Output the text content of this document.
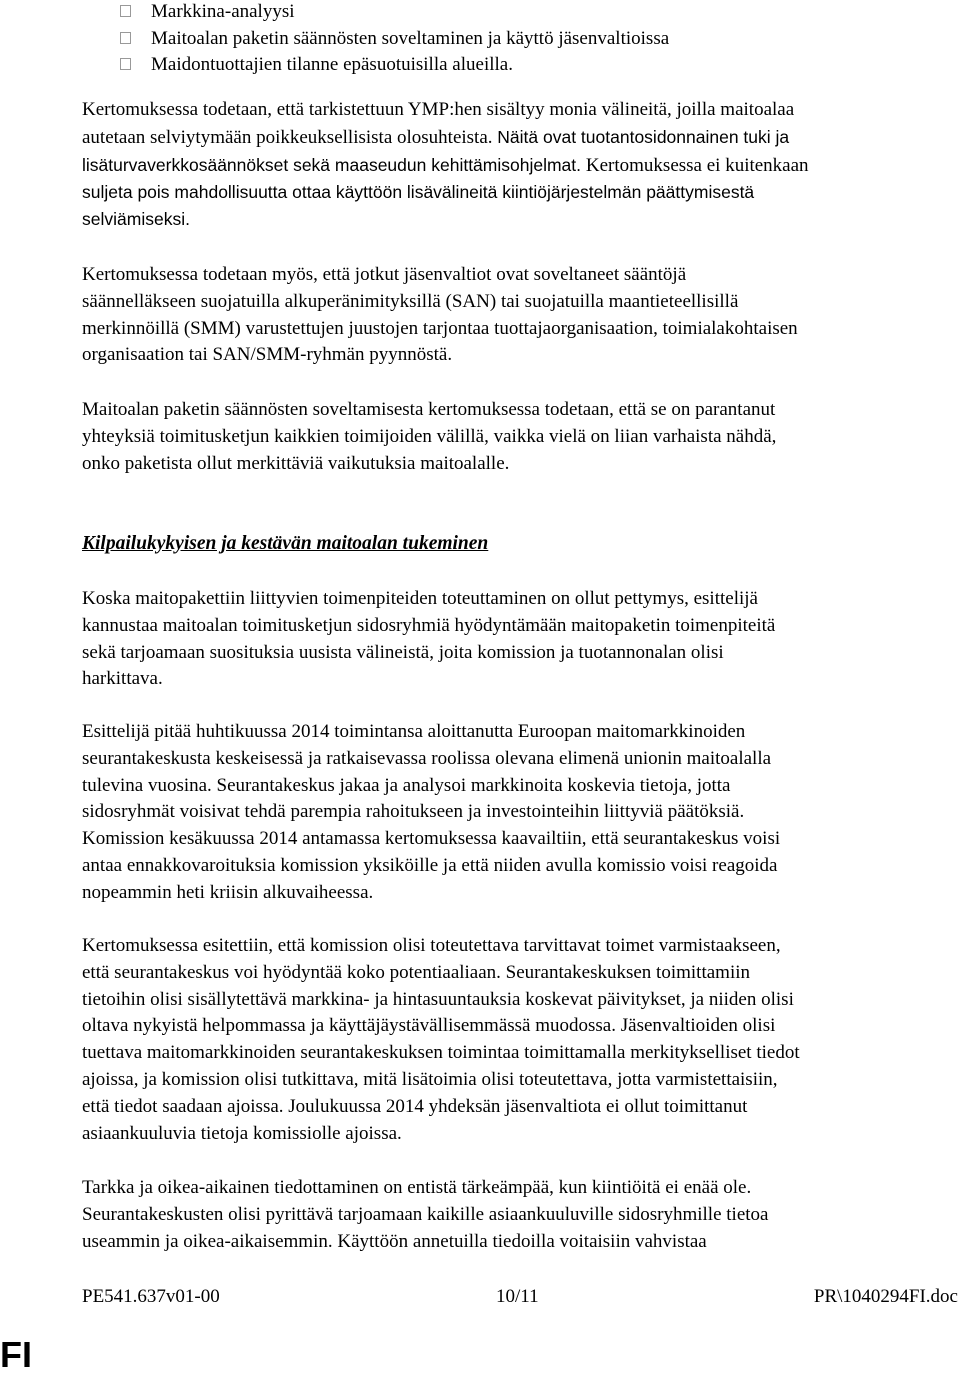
Markkina-analyysi
Maitoalan paketin säännösten soveltaminen ja käyttö jäsenvaltioissa
Maidontuottajien tilanne epäsuotuisilla alueilla.

Kertomuksessa todetaan, että tarkistettuun YMP:hen sisältyy monia välineitä, joilla maitoalaa
autetaan selviytymään poikkeuksellisista olosuhteista. Näitä ovat tuotantosidonnainen tuki ja
lisäturvaverkkosäännökset sekä maaseudun kehittämisohjelmat. Kertomuksessa ei kuitenkaan
suljeta pois mahdollisuutta ottaa käyttöön lisävälineitä kiintiöjärjestelmän päättymisestä
selviämiseksi.

Kertomuksessa todetaan myös, että jotkut jäsenvaltiot ovat soveltaneet sääntöjä
säännelläkseen suojatuilla alkuperänimityksillä (SAN) tai suojatuilla maantieteellisillä
merkinnöillä (SMM) varustettujen juustojen tarjontaa tuottajaorganisaation, toimialakohtaisen
organisaation tai SAN/SMM-ryhmän pyynnöstä.

Maitoalan paketin säännösten soveltamisesta kertomuksessa todetaan, että se on parantanut
yhteyksiä toimitusketjun kaikkien toimijoiden välillä, vaikka vielä on liian varhaista nähdä,
onko paketista ollut merkittäviä vaikutuksia maitoalalle.

Kilpailukykyisen ja kestävän maitoalan tukeminen

Koska maitopakettiin liittyvien toimenpiteiden toteuttaminen on ollut pettymys, esittelijä
kannustaa maitoalan toimitusketjun sidosryhmiä hyödyntämään maitopaketin toimenpiteitä
sekä tarjoamaan suosituksia uusista välineistä, joita komission ja tuotannonalan olisi
harkittava.

Esittelijä pitää huhtikuussa 2014 toimintansa aloittanutta Euroopan maitomarkkinoiden
seurantakeskusta keskeisessä ja ratkaisevassa roolissa olevana elimenä unionin maitoalalla
tulevina vuosina. Seurantakeskus jakaa ja analysoi markkinoita koskevia tietoja, jotta
sidosryhmät voisivat tehdä parempia rahoitukseen ja investointeihin liittyviä päätöksiä.
Komission kesäkuussa 2014 antamassa kertomuksessa kaavailtiin, että seurantakeskus voisi
antaa ennakkovaroituksia komission yksiköille ja että niiden avulla komissio voisi reagoida
nopeammin heti kriisin alkuvaiheessa.

Kertomuksessa esitettiin, että komission olisi toteutettava tarvittavat toimet varmistaakseen,
että seurantakeskus voi hyödyntää koko potentiaaliaan. Seurantakeskuksen toimittamiin
tietoihin olisi sisällytettävä markkina- ja hintasuuntauksia koskevat päivitykset, ja niiden olisi
oltava nykyistä helpommassa ja käyttäjäystävällisemmässä muodossa. Jäsenvaltioiden olisi
tuettava maitomarkkinoiden seurantakeskuksen toimintaa toimittamalla merkitykselliset tiedot
ajoissa, ja komission olisi tutkittava, mitä lisätoimia olisi toteutettava, jotta varmistettaisiin,
että tiedot saadaan ajoissa. Joulukuussa 2014 yhdeksän jäsenvaltiota ei ollut toimittanut
asiaankuuluvia tietoja komissiolle ajoissa.

Tarkka ja oikea-aikainen tiedottaminen on entistä tärkeämpää, kun kiintiöitä ei enää ole.
Seurantakeskusten olisi pyrittävä tarjoamaan kaikille asiaankuuluville sidosryhmille tietoa
useammin ja oikea-aikaisemmin. Käyttöön annetuilla tiedoilla voitaisiin vahvistaa

PE541.637v01-00	10/11	PR\1040294FI.doc
FI
